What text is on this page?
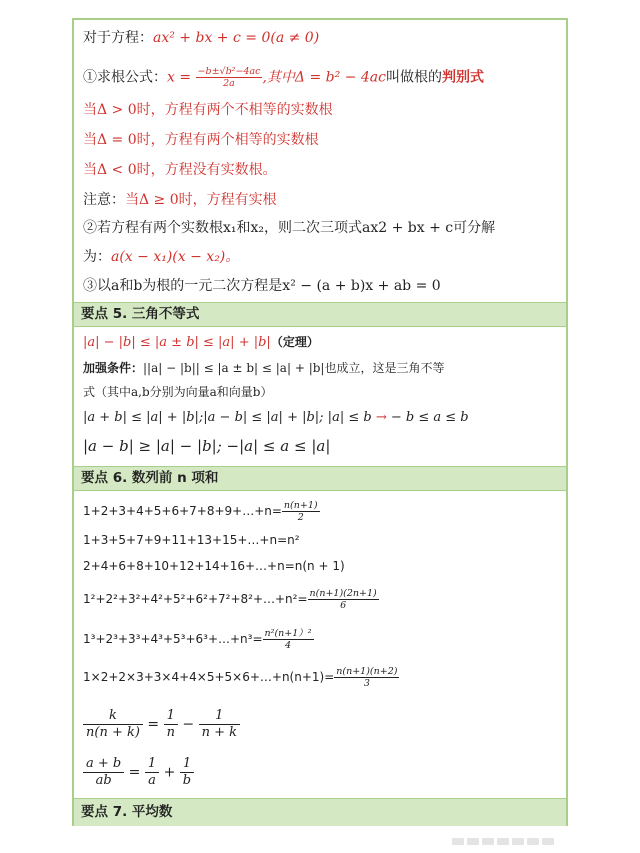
对于方程：ax² + bx + c = 0(a ≠ 0)
①求根公式：$x = \frac{\text{−b±√b²−4ac}}{2a}$ ,其中Δ = b² − 4ac叫做根的判别式
当Δ > 0时，方程有两个不相等的实数根
当Δ = 0时，方程有两个相等的实数根
当Δ < 0时，方程没有实数根。
注意：当Δ ≥ 0时，方程有实根
②若方程有两个实数根x₁和x₂，则二次三项式ax2 + bx + c可分解
为：a(x − x₁)(x − x₂)。
③以a和b为根的一元二次方程是x² − (a + b)x + ab = 0
要点 5. 三角不等式
|a| − |b| ≤ |a ± b| ≤ |a| + |b|（定理）
加强条件：||a| − |b|| ≤ |a ± b| ≤ |a| + |b|也成立，这是三角不等
式（其中a,b分别为向量a和向量b）
|a + b| ≤ |a| + |b|;|a − b| ≤ |a| + |b|; |a| ≤ b → − b ≤ a ≤ b
|a − b| ≥ |a| − |b|; −|a| ≤ a ≤ |a|
要点 6. 数列前 n 项和
1+2+3+4+5+6+7+8+9+…+n= $\frac{n(n+1)}{2}$
1+3+5+7+9+11+13+15+…+n=n²
2+4+6+8+10+12+14+16+…+n=n(n + 1)
1²+2²+3²+4²+5²+6²+7²+8²+…+n²= $\frac{n(n+1)(2n+1)}{6}$
1³+2³+3³+4³+5³+6³+…+n³= $\frac{\text{n²(n+1）²}}{4}$
1×2+2×3+3×4+4×5+5×6+…+n(n+1)= $\frac{n(n+1)(n+2)}{3}$
$\frac{k}{n(n + k)} = \frac{1}{n} - \frac{1}{n + k}$
$\frac{a + b}{ab} = \frac{1}{a} + \frac{1}{b}$
要点 7. 平均数
